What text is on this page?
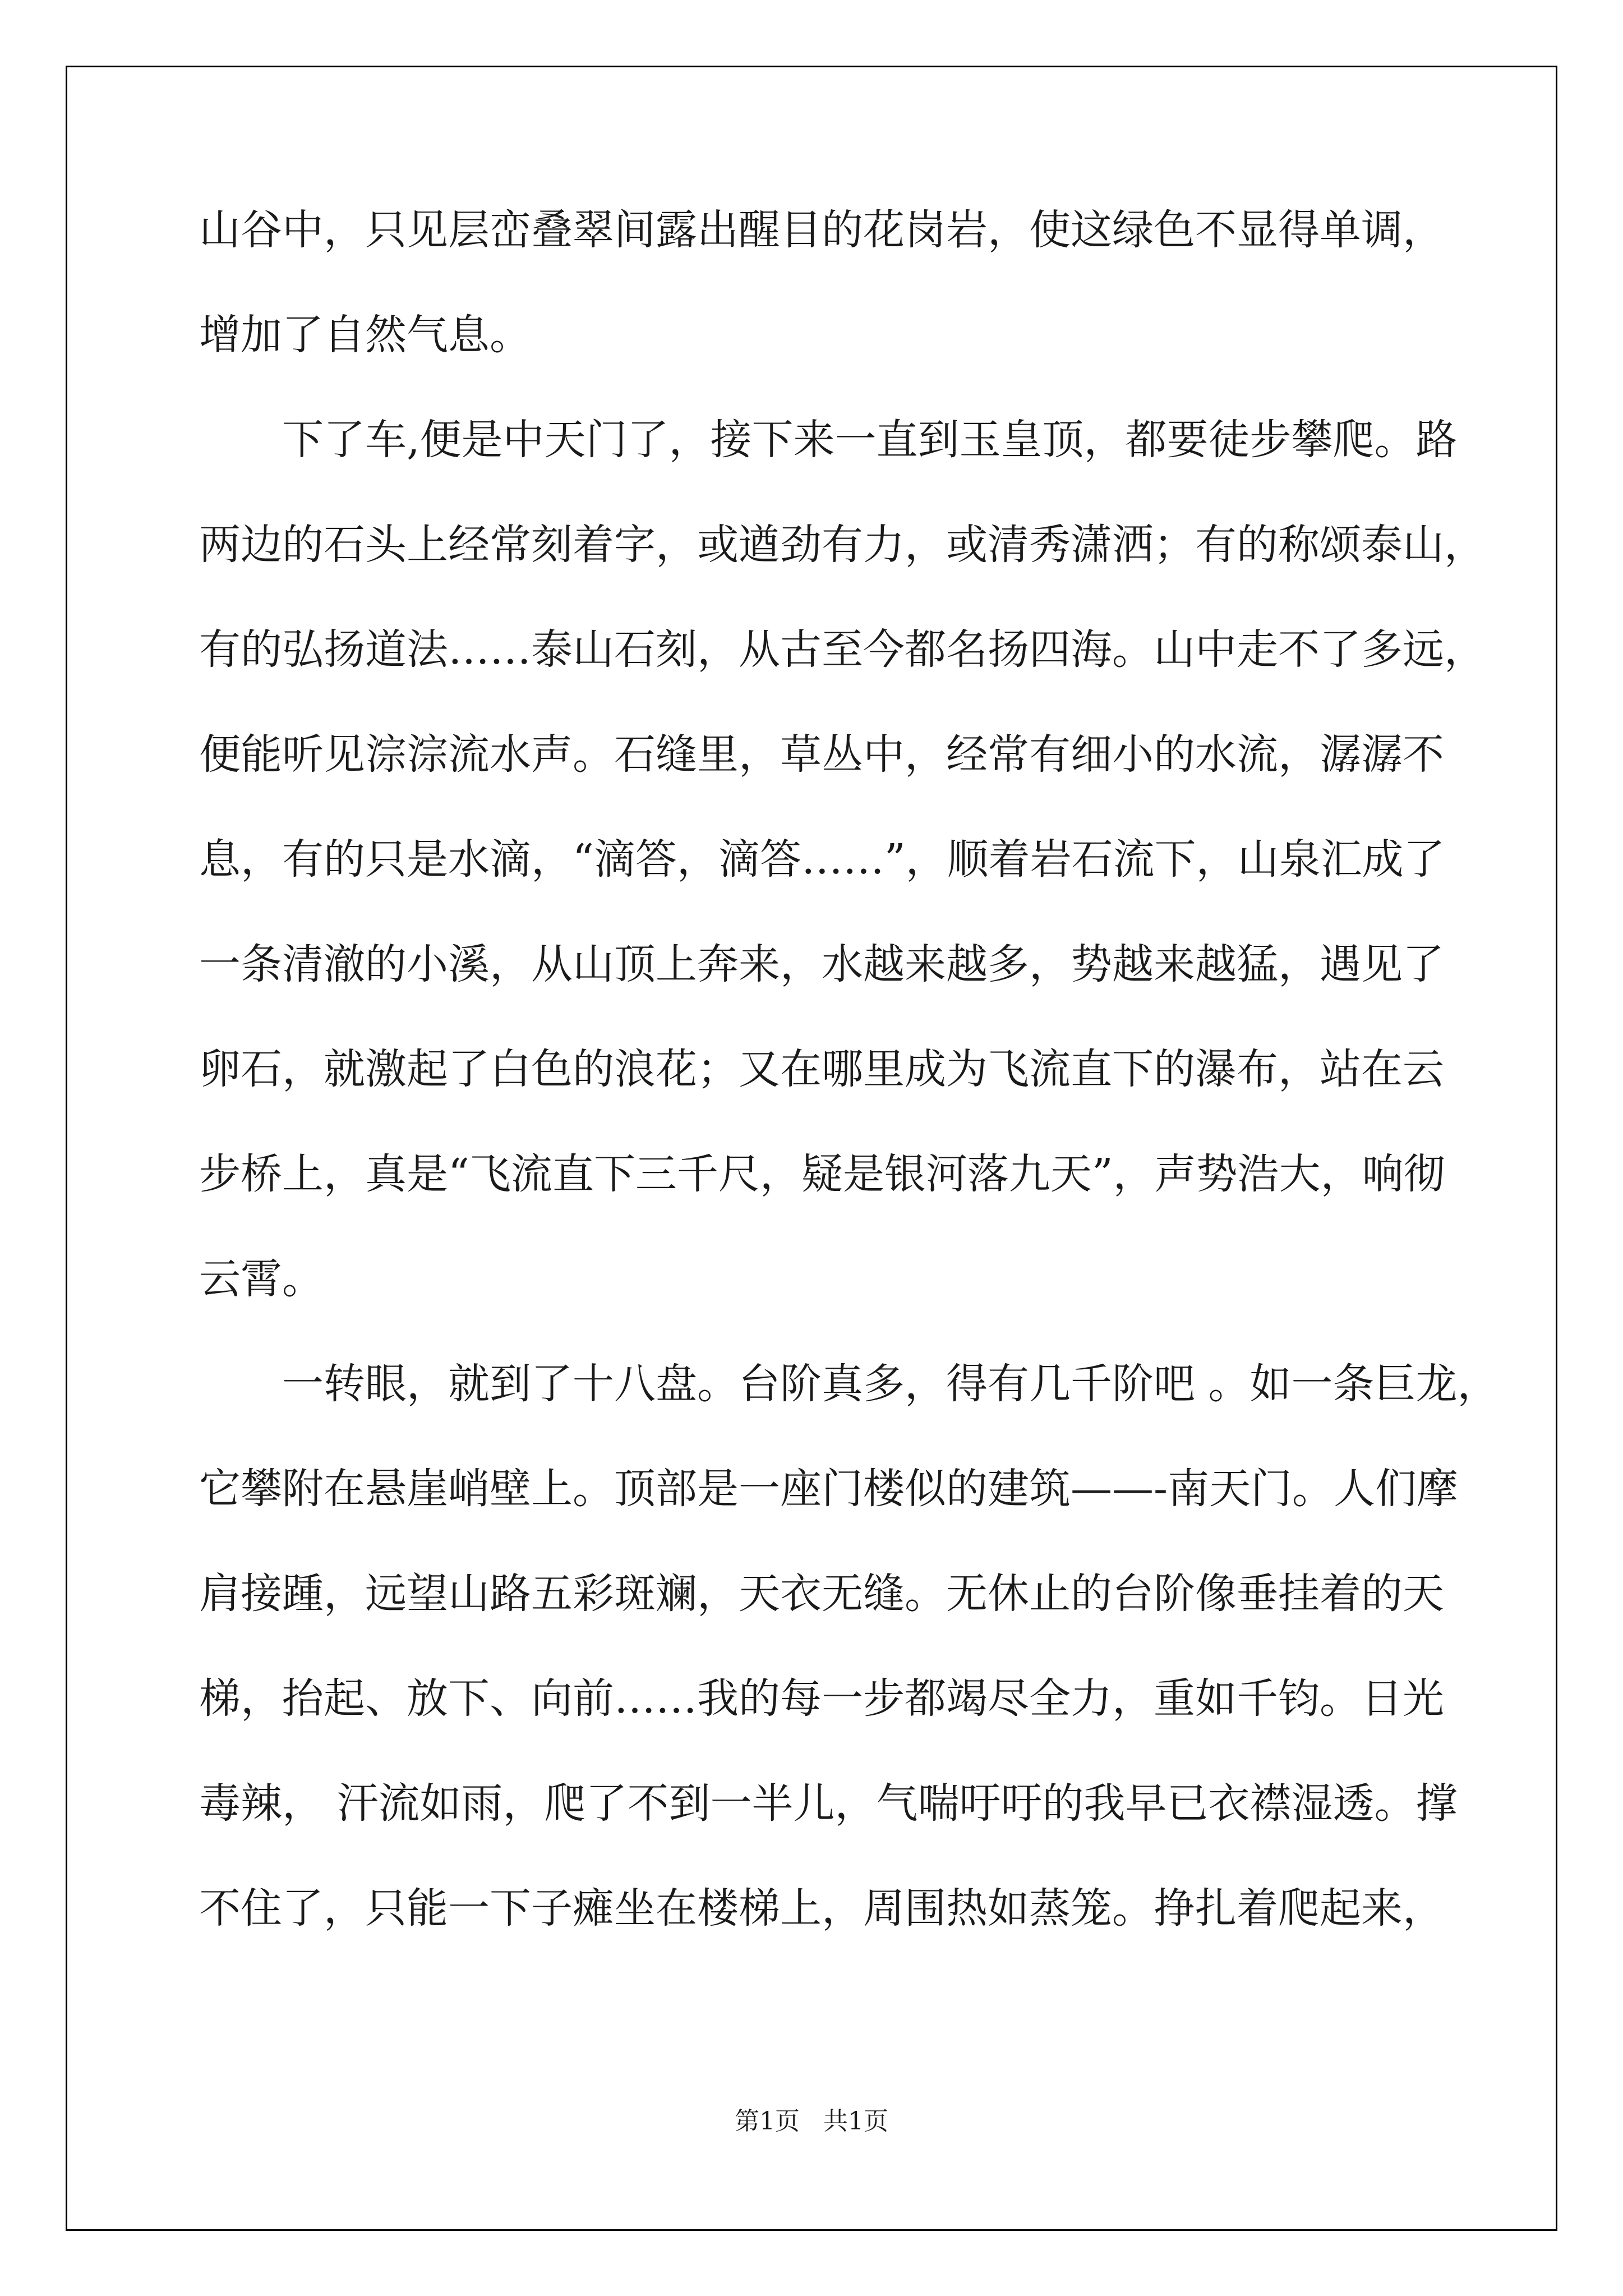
山谷中，只见层峦叠翠间露出醒目的花岗岩，使这绿色不显得单调，
增加了自然气息。
下了车,便是中天门了，接下来一直到玉皇顶，都要徒步攀爬。路
两边的石头上经常刻着字，或遒劲有力，或清秀潇洒；有的称颂泰山，
有的弘扬道法……泰山石刻，从古至今都名扬四海。山中走不了多远，
便能听见淙淙流水声。石缝里，草丛中，经常有细小的水流，潺潺不
息，有的只是水滴，“滴答，滴答……”，顺着岩石流下，山泉汇成了
一条清澈的小溪，从山顶上奔来，水越来越多，势越来越猛，遇见了
卵石，就激起了白色的浪花；又在哪里成为飞流直下的瀑布，站在云
步桥上，真是“飞流直下三千尺，疑是银河落九天”，声势浩大，响彻
云霄。
一转眼，就到了十八盘。台阶真多，得有几千阶吧 。如一条巨龙，
它攀附在悬崖峭壁上。顶部是一座门楼似的建筑——-南天门。人们摩
肩接踵，远望山路五彩斑斓，天衣无缝。无休止的台阶像垂挂着的天
梯，抬起、放下、向前……我的每一步都竭尽全力，重如千钧。日光
毒辣， 汗流如雨，爬了不到一半儿，气喘吁吁的我早已衣襟湿透。撑
不住了，只能一下子瘫坐在楼梯上，周围热如蒸笼。挣扎着爬起来，
第1页   共1页
